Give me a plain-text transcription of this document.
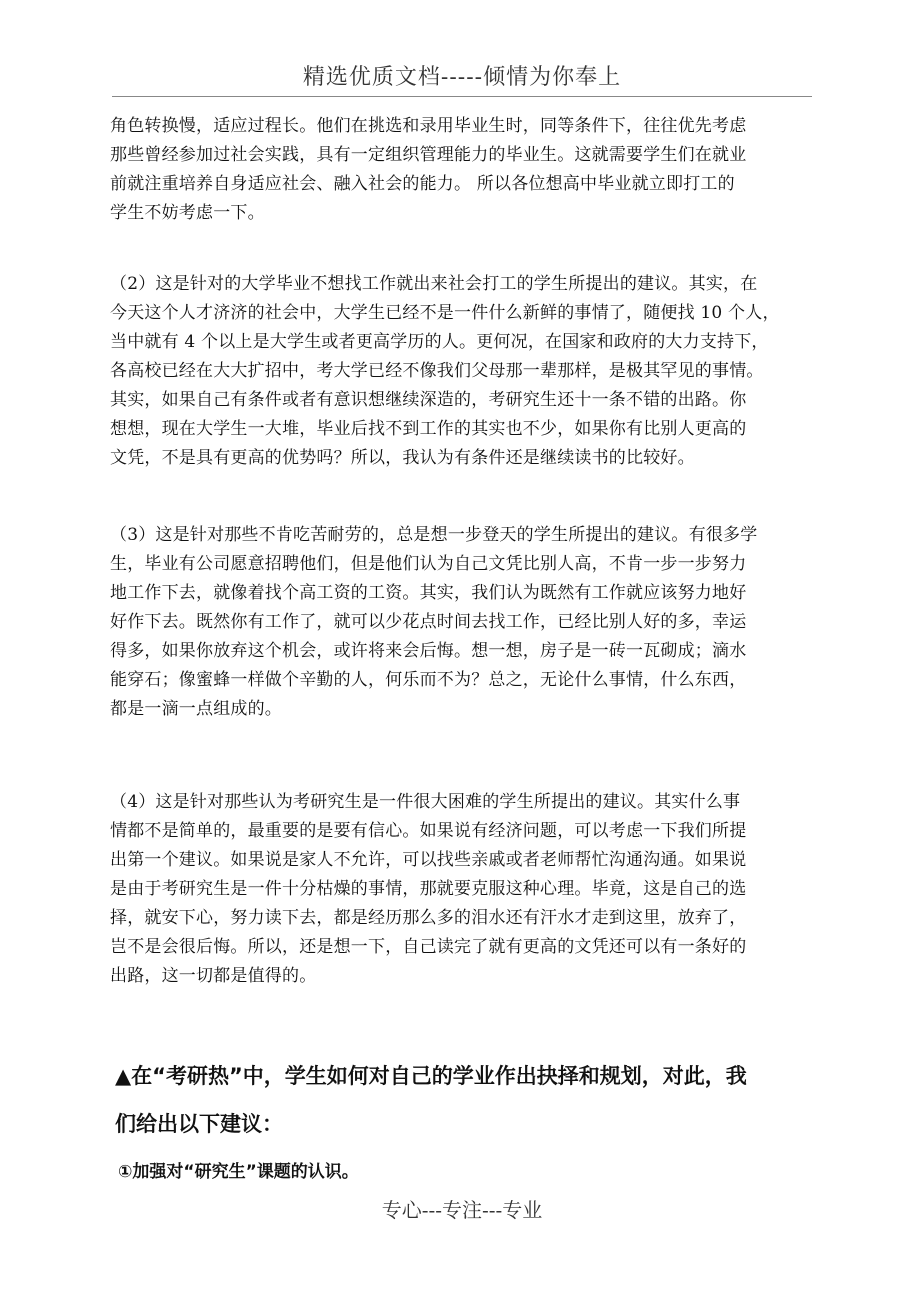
精选优质文档-----倾情为你奉上
角色转换慢，适应过程长。他们在挑选和录用毕业生时，同等条件下，往往优先考虑
那些曾经参加过社会实践，具有一定组织管理能力的毕业生。这就需要学生们在就业
前就注重培养自身适应社会、融入社会的能力。 所以各位想高中毕业就立即打工的
学生不妨考虑一下。
（2）这是针对的大学毕业不想找工作就出来社会打工的学生所提出的建议。其实，在
今天这个人才济济的社会中，大学生已经不是一件什么新鲜的事情了，随便找 10 个人，
当中就有 4 个以上是大学生或者更高学历的人。更何况，在国家和政府的大力支持下，
各高校已经在大大扩招中，考大学已经不像我们父母那一辈那样，是极其罕见的事情。
其实，如果自己有条件或者有意识想继续深造的，考研究生还十一条不错的出路。你
想想，现在大学生一大堆，毕业后找不到工作的其实也不少，如果你有比别人更高的
文凭，不是具有更高的优势吗？所以，我认为有条件还是继续读书的比较好。
（3）这是针对那些不肯吃苦耐劳的，总是想一步登天的学生所提出的建议。有很多学
生，毕业有公司愿意招聘他们，但是他们认为自己文凭比别人高，不肯一步一步努力
地工作下去，就像着找个高工资的工资。其实，我们认为既然有工作就应该努力地好
好作下去。既然你有工作了，就可以少花点时间去找工作，已经比别人好的多，幸运
得多，如果你放弃这个机会，或许将来会后悔。想一想，房子是一砖一瓦砌成；滴水
能穿石；像蜜蜂一样做个辛勤的人，何乐而不为？总之，无论什么事情，什么东西，
都是一滴一点组成的。
（4）这是针对那些认为考研究生是一件很大困难的学生所提出的建议。其实什么事
情都不是简单的，最重要的是要有信心。如果说有经济问题，可以考虑一下我们所提
出第一个建议。如果说是家人不允许，可以找些亲戚或者老师帮忙沟通沟通。如果说
是由于考研究生是一件十分枯燥的事情，那就要克服这种心理。毕竟，这是自己的选
择，就安下心，努力读下去，都是经历那么多的泪水还有汗水才走到这里，放弃了，
岂不是会很后悔。所以，还是想一下，自己读完了就有更高的文凭还可以有一条好的
出路，这一切都是值得的。
▲在“考研热”中，学生如何对自己的学业作出抉择和规划，对此，我
们给出以下建议：
①加强对“研究生”课题的认识。
专心---专注---专业
